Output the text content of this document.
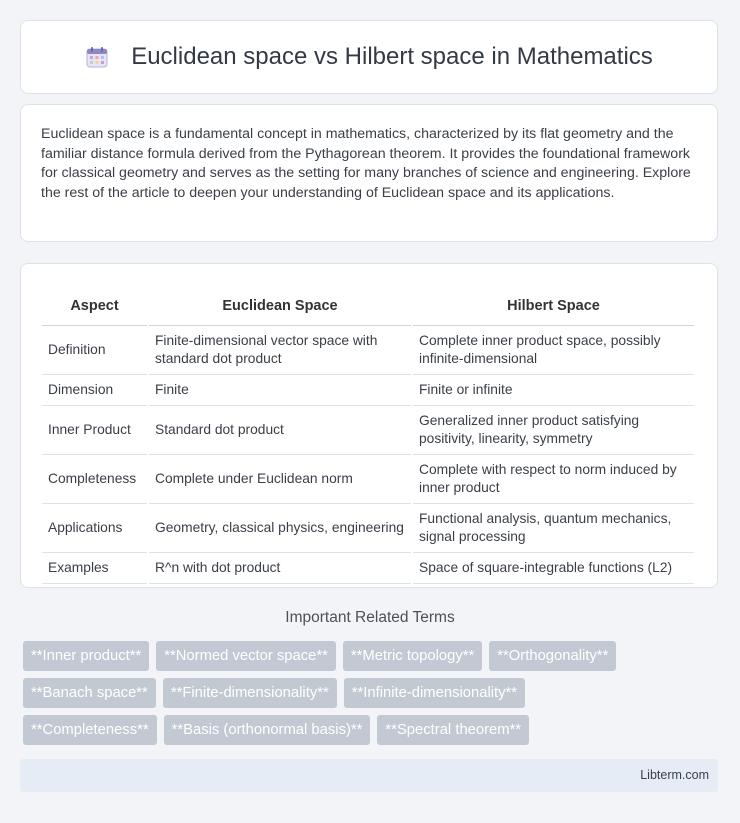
Euclidean space vs Hilbert space in Mathematics

Euclidean space is a fundamental concept in mathematics, characterized by its flat geometry and the familiar distance formula derived from the Pythagorean theorem. It provides the foundational framework for classical geometry and serves as the setting for many branches of science and engineering. Explore the rest of the article to deepen your understanding of Euclidean space and its applications.

Aspect	Euclidean Space	Hilbert Space
Definition	Finite-dimensional vector space with standard dot product	Complete inner product space, possibly infinite-dimensional
Dimension	Finite	Finite or infinite
Inner Product	Standard dot product	Generalized inner product satisfying positivity, linearity, symmetry
Completeness	Complete under Euclidean norm	Complete with respect to norm induced by inner product
Applications	Geometry, classical physics, engineering	Functional analysis, quantum mechanics, signal processing
Examples	R^n with dot product	Space of square-integrable functions (L2)
Important Related Terms
**Inner product**	**Normed vector space**	**Metric topology**	**Orthogonality**
**Banach space**	**Finite-dimensionality**	**Infinite-dimensionality**
**Completeness**	**Basis (orthonormal basis)**	**Spectral theorem**
Libterm.com
